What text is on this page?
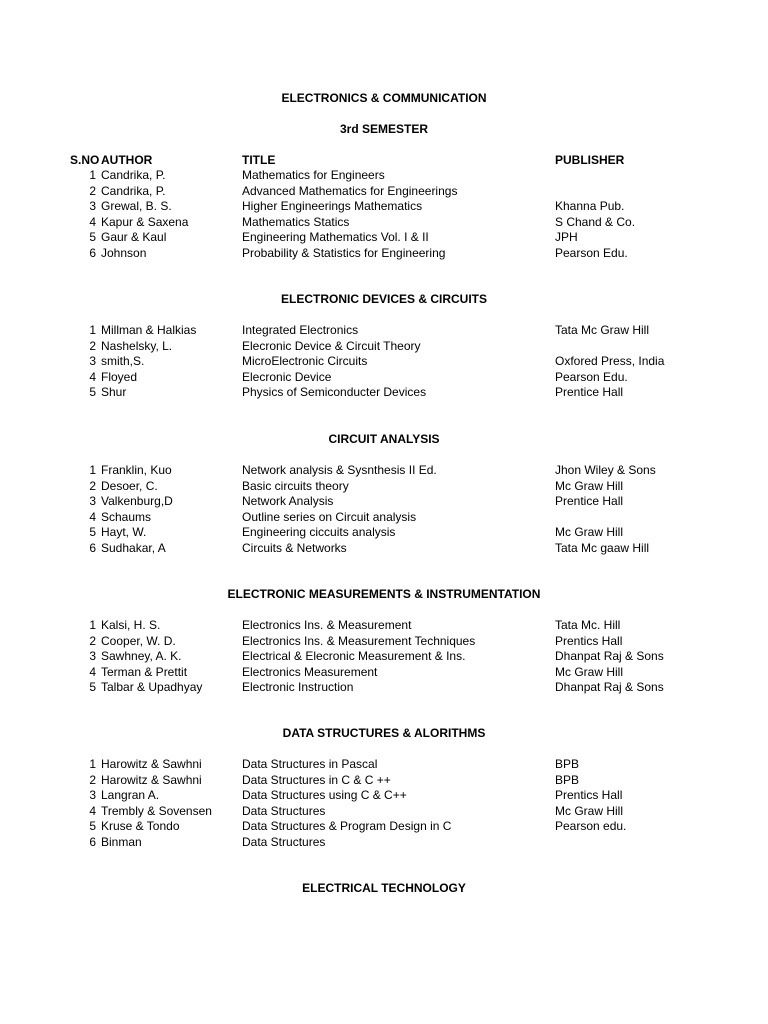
ELECTRONICS & COMMUNICATION
3rd SEMESTER
S.NO AUTHOR	TITLE	PUBLISHER
1 Candrika, P.	Mathematics for Engineers
2 Candrika, P.	Advanced Mathematics for Engineerings
3 Grewal, B. S.	Higher Engineerings Mathematics	Khanna Pub.
4 Kapur & Saxena	Mathematics Statics	S Chand & Co.
5 Gaur & Kaul	Engineering Mathematics Vol. I & II	JPH
6 Johnson	Probability & Statistics for Engineering	Pearson Edu.
ELECTRONIC DEVICES & CIRCUITS
1 Millman & Halkias	Integrated Electronics	Tata Mc Graw Hill
2 Nashelsky, L.	Elecronic Device & Circuit Theory
3 smith,S.	MicroElectronic Circuits	Oxfored Press, India
4 Floyed	Elecronic Device	Pearson Edu.
5 Shur	Physics of Semiconducter Devices	Prentice Hall
CIRCUIT ANALYSIS
1 Franklin, Kuo	Network analysis & Sysnthesis II Ed.	Jhon Wiley & Sons
2 Desoer, C.	Basic circuits theory	Mc Graw Hill
3 Valkenburg,D	Network Analysis	Prentice Hall
4 Schaums	Outline series on Circuit analysis
5 Hayt, W.	Engineering ciccuits analysis	Mc Graw Hill
6 Sudhakar, A	Circuits & Networks	Tata Mc gaaw Hill
ELECTRONIC MEASUREMENTS & INSTRUMENTATION
1 Kalsi, H. S.	Electronics Ins. & Measurement	Tata Mc. Hill
2 Cooper, W. D.	Electronics Ins. & Measurement Techniques	Prentics Hall
3 Sawhney, A. K.	Electrical & Elecronic Measurement & Ins.	Dhanpat Raj & Sons
4 Terman & Prettit	Electronics Measurement	Mc Graw Hill
5 Talbar & Upadhyay	Electronic Instruction	Dhanpat Raj & Sons
DATA STRUCTURES & ALORITHMS
1 Harowitz & Sawhni	Data Structures in Pascal	BPB
2 Harowitz & Sawhni	Data Structures in C & C ++	BPB
3 Langran A.	Data Structures using C & C++	Prentics Hall
4 Trembly & Sovensen	Data Structures	Mc Graw Hill
5 Kruse & Tondo	Data Structures & Program Design in C	Pearson edu.
6 Binman	Data Structures
ELECTRICAL TECHNOLOGY
